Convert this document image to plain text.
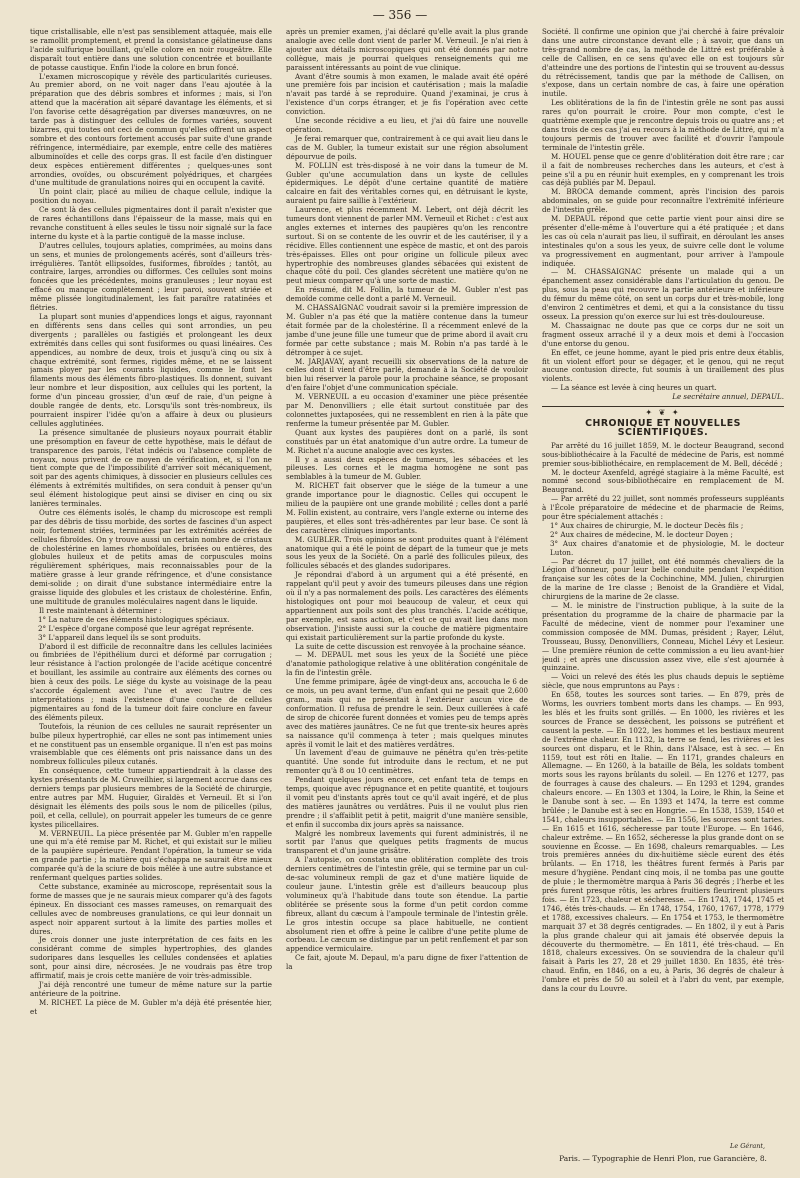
— 356 —

tique cristallisable, elle n'est pas sensiblement attaquée, mais elle se ramollit promptement, et prend la consistance gélatineuse dans l'acide sulfurique bouillant, qu'elle colore en noir rougeâtre. Elle disparaît tout entière dans une solution concentrée et bouillante de potasse caustique. Enfin l'iode la colore en brun foncé.

L'examen microscopique y révèle des particularités curieuses. Au premier abord, on ne voit nager dans l'eau ajoutée à la préparation que des débris sombres et informes ; mais, si l'on attend que la macération ait séparé davantage les éléments, et si l'on favorise cette désagrégation par diverses manœuvres, on ne tarde pas à distinguer des cellules de formes variées, souvent bizarres, qui toutes ont ceci de commun qu'elles offrent un aspect sombre et des contours fortement accusés par suite d'une grande réfringence, intermédiaire, par exemple, entre celle des matières albuminoïdes et celle des corps gras. Il est facile d'en distinguer deux espèces entièrement différentes ; quelques-unes sont arrondies, ovoïdes, ou obscurément polyédriques, et chargées d'une multitude de granulations noires qui en occupent la cavité.

Un point clair, placé au milieu de chaque cellule, indique la position du noyau.

Ce sont là des cellules pigmentaires dont il paraît n'exister que de rares échantillons dans l'épaisseur de la masse, mais qui en revanche constituent à elles seules le tissu noir signalé sur la face interne du kyste et à la partie contiguë de la masse incluse.

D'autres cellules, toujours aplaties, comprimées, au moins dans un sens, et munies de prolongements acérés, sont d'ailleurs très-irrégulières. Tantôt ellipsoïdes, fusiformes, fibroïdes ; tantôt, au contraire, larges, arrondies ou difformes. Ces cellules sont moins foncées que les précédentes, moins granuleuses ; leur noyau est effacé ou manque complètement ; leur paroi, souvent striée et même plissée longitudinalement, les fait paraître ratatinées et flétries.

La plupart sont munies d'appendices longs et aigus, rayonnant en différents sens dans celles qui sont arrondies, un peu divergents ; parallèles ou fastigiés et prolongeant les deux extrémités dans celles qui sont fusiformes ou quasi linéaires. Ces appendices, au nombre de deux, trois et jusqu'à cinq ou six à chaque extrémité, sont fermes, rigides même, et ne se laissent jamais ployer par les courants liquides, comme le font les filaments mous des éléments fibro-plastiques. Ils donnent, suivant leur nombre et leur disposition, aux cellules qui les portent, la forme d'un pinceau grossier, d'un œuf de raie, d'un peigne à double rangée de dents, etc. Lorsqu'ils sont très-nombreux, ils pourraient inspirer l'idée qu'on a affaire à deux ou plusieurs cellules agglutinées.

La présence simultanée de plusieurs noyaux pourrait établir une présomption en faveur de cette hypothèse, mais le défaut de transparence des parois, l'état indécis ou l'absence complète de noyaux, nous privent de ce moyen de vérification, et, si l'on ne tient compte que de l'impossibilité d'arriver soit mécaniquement, soit par des agents chimiques, à dissocier en plusieurs cellules ces éléments à extrémités multifides, on sera conduit à penser qu'un seul élément histologique peut ainsi se diviser en cinq ou six lanières terminales.

Outre ces éléments isolés, le champ du microscope est rempli par des débris de tissu morbide, des sortes de fascines d'un aspect noir, fortement striées, terminées par les extrémités acérées de cellules fibroïdes. On y trouve aussi un certain nombre de cristaux de cholestérine en lames rhomboïdales, brisées ou entières, des globules huileux et de petits amas de corpuscules moins régulièrement sphériques, mais reconnaissables pour de la matière grasse à leur grande réfringence, et d'une consistance demi-solide ; on dirait d'une substance intermédiaire entre la graisse liquide des globules et les cristaux de cholestérine. Enfin, une multitude de granules moléculaires nagent dans le liquide.

Il reste maintenant à déterminer :

1° La nature de ces éléments histologiques spéciaux.

2° L'espèce d'organe composé que leur agrégat représente.

3° L'appareil dans lequel ils se sont produits.

D'abord il est difficile de reconnaître dans les cellules laciniées ou fimbriées de l'épithélium durci et déformé par corrugation ; leur résistance à l'action prolongée de l'acide acétique concentré et bouillant, les assimile au contraire aux éléments des cornes ou bien à ceux des poils. Le siége du kyste au voisinage de la peau s'accorde également avec l'une et avec l'autre de ces interprétations ; mais l'existence d'une couche de cellules pigmentaires au fond de la tumeur doit faire conclure en faveur des éléments pileux.

Toutefois, la réunion de ces cellules ne saurait représenter un bulbe pileux hypertrophié, car elles ne sont pas intimement unies et ne constituent pas un ensemble organique. Il n'en est pas moins vraisemblable que ces éléments ont pris naissance dans un des nombreux follicules pileux cutanés.

En conséquence, cette tumeur appartiendrait à la classe des kystes présentants de M. Cruveilhier, si largement accrue dans ces derniers temps par plusieurs membres de la Société de chirurgie, entre autres par MM. Huguier, Giraldès et Verneuil. Et si l'on désignait les éléments des poils sous le nom de pilicelles (pilus, poil, et cella, cellule), on pourrait appeler les tumeurs de ce genre kystes pilicellaires.

M. VERNEUIL. La pièce présentée par M. Gubler m'en rappelle une qui m'a été remise par M. Richet, et qui existait sur le milieu de la paupière supérieure. Pendant l'opération, la tumeur se vida en grande partie ; la matière qui s'échappa ne saurait être mieux comparée qu'à de la sciure de bois mêlée à une autre substance et renfermant quelques parties solides.

Cette substance, examinée au microscope, représentait sous la forme de masses que je ne saurais mieux comparer qu'à des fagots épineux. En dissociant ces masses rameuses, on remarquait des cellules avec de nombreuses granulations, ce qui leur donnait un aspect noir apparent surtout à la limite des parties molles et dures.

Je crois donner une juste interprétation de ces faits en les considérant comme de simples hypertrophies, des glandes sudoripares dans lesquelles les cellules condensées et aplaties sont, pour ainsi dire, nécrosées. Je ne voudrais pas être trop affirmatif, mais je crois cette manière de voir très-admissible.

J'ai déjà rencontré une tumeur de même nature sur la partie antérieure de la poitrine.

M. RICHET. La pièce de M. Gubler m'a déjà été présentée hier, et

après un premier examen, j'ai déclaré qu'elle avait la plus grande analogie avec celle dont vient de parler M. Verneuil. Je n'ai rien à ajouter aux détails microscopiques qui ont été donnés par notre collègue, mais je pourrai quelques renseignements qui me paraissent intéressants au point de vue clinique.

Avant d'être soumis à mon examen, le malade avait été opéré une première fois par incision et cautérisation ; mais la maladie n'avait pas tardé à se reproduire. Quand j'examinai, je crus à l'existence d'un corps étranger, et je fis l'opération avec cette conviction.

Une seconde récidive a eu lieu, et j'ai dû faire une nouvelle opération.

Je ferai remarquer que, contrairement à ce qui avait lieu dans le cas de M. Gubler, la tumeur existait sur une région absolument dépourvue de poils.

M. FOLLIN est très-disposé à ne voir dans la tumeur de M. Gubler qu'une accumulation dans un kyste de cellules épidermiques. Le dépôt d'une certaine quantité de matière calcaire en fait des véritables cornes qui, en détruisant le kyste, auraient pu faire saillie à l'extérieur.

Laurence, et plus récemment M. Lebert, ont déjà décrit les tumeurs dont viennent de parler MM. Verneuil et Richet : c'est aux angles externes et internes des paupières qu'on les rencontre surtout. Si on se contente de les ouvrir et de les cautériser, il y a récidive. Elles contiennent une espèce de mastic, et ont des parois très-épaisses. Elles ont pour origine un follicule pileux avec hypertrophie des nombreuses glandes sébacées qui existent de chaque côté du poil. Ces glandes sécrètent une matière qu'on ne peut mieux comparer qu'à une sorte de mastic.

En résumé, dit M. Follin, la tumeur de M. Gubler n'est pas demoïde comme celle dont a parlé M. Verneuil.

M. CHASSAIGNAC voudrait savoir si la première impression de M. Gubler n'a pas été que la matière contenue dans la tumeur était formée par de la cholestérine. Il a récemment enlevé de la jambe d'une jeune fille une tumeur que de prime abord il avait cru formée par cette substance ; mais M. Robin n'a pas tardé à le détromper à ce sujet.

M. JARJAVAY, ayant recueilli six observations de la nature de celles dont il vient d'être parlé, demande à la Société de vouloir bien lui réserver la parole pour la prochaine séance, se proposant d'en faire l'objet d'une communication spéciale.

M. VERNEUIL a eu occasion d'examiner une pièce présentée par M. Denonvilliers ; elle était surtout constituée par des colonnettes juxtaposées, qui ne ressemblent en rien à la pâte que renferme la tumeur présentée par M. Gubler.

Quant aux kystes des paupières dont on a parlé, ils sont constitués par un état anatomique d'un autre ordre. La tumeur de M. Richet n'a aucune analogie avec ces kystes.

Il y a aussi deux espèces de tumeurs, les sébacées et les pileuses. Les cornes et le magma homogène ne sont pas semblables à la tumeur de M. Gubler.

M. RICHET fait observer que le siége de la tumeur a une grande importance pour le diagnostic. Celles qui occupent le milieu de la paupière ont une grande mobilité ; celles dont a parlé M. Follin existent, au contraire, vers l'angle externe ou interne des paupières, et elles sont très-adhérentes par leur base. Ce sont là des caractères cliniques importants.

M. GUBLER. Trois opinions se sont produites quant à l'élément anatomique qui a été le point de départ de la tumeur que je mets sous les yeux de la Société. On a parlé des follicules pileux, des follicules sébacés et des glandes sudoripares.

Je répondrai d'abord à un argument qui a été présenté, en rappelant qu'il peut y avoir des tumeurs pileuses dans une région où il n'y a pas normalement des poils. Les caractères des éléments histologiques ont pour moi beaucoup de valeur, et ceux qui appartiennent aux poils sont des plus tranchés. L'acide acétique, par exemple, est sans action, et c'est ce qui avait lieu dans mon observation. J'insiste aussi sur la couche de matière pigmentaire qui existait particulièrement sur la partie profonde du kyste.

La suite de cette discussion est renvoyée à la prochaine séance.

— M. DEPAUL met sous les yeux de la Société une pièce d'anatomie pathologique relative à une oblitération congénitale de la fin de l'intestin grêle.

Une femme primipare, âgée de vingt-deux ans, accoucha le 6 de ce mois, un peu avant terme, d'un enfant qui ne pesait que 2,600 gram., mais qui ne présentait à l'extérieur aucun vice de conformation. Il refusa de prendre le sein. Deux cuillerées à café de sirop de chicorée furent données et vomies peu de temps après avec des matières jaunâtres. Ce ne fut que trente-six heures après sa naissance qu'il commença à teter ; mais quelques minutes après il vomit le lait et des matières verdâtres.

Un lavement d'eau de guimauve ne pénétra qu'en très-petite quantité. Une sonde fut introduite dans le rectum, et ne put remonter qu'à 8 ou 10 centimètres.

Pendant quelques jours encore, cet enfant teta de temps en temps, quoique avec répugnance et en petite quantité, et toujours il vomit peu d'instants après tout ce qu'il avait ingéré, et de plus des matières jaunâtres ou verdâtres. Puis il ne voulut plus rien prendre ; il s'affaiblit petit à petit, maigrit d'une manière sensible, et enfin il succomba dix jours après sa naissance.

Malgré les nombreux lavements qui furent administrés, il ne sortit par l'anus que quelques petits fragments de mucus transparent et d'un jaune grisâtre.

A l'autopsie, on constata une oblitération complète des trois derniers centimètres de l'intestin grêle, qui se termine par un cul-de-sac volumineux rempli de gaz et d'une matière liquide de couleur jaune. L'intestin grêle est d'ailleurs beaucoup plus volumineux qu'à l'habitude dans toute son étendue. La partie oblitérée se présente sous la forme d'un petit cordon comme fibreux, allant du cæcum à l'ampoule terminale de l'intestin grêle. Le gros intestin occupe sa place habituelle, ne contient absolument rien et offre à peine le calibre d'une petite plume de corbeau. Le cæcum se distingue par un petit renflement et par son appendice vermiculaire.

Ce fait, ajoute M. Depaul, m'a paru digne de fixer l'attention de la

Société. Il confirme une opinion que j'ai cherché à faire prévaloir dans une autre circonstance devant elle ; à savoir, que dans un très-grand nombre de cas, la méthode de Littré est préférable à celle de Callisen, en ce sens qu'avec elle on est toujours sûr d'atteindre une des portions de l'intestin qui se trouvent au-dessus du rétrécissement, tandis que par la méthode de Callisen, on s'expose, dans un certain nombre de cas, à faire une opération inutile.

Les oblitérations de la fin de l'intestin grêle ne sont pas aussi rares qu'on pourrait le croire. Pour mon compte, c'est le quatrième exemple que je rencontre depuis trois ou quatre ans ; et dans trois de ces cas j'ai eu recours à la méthode de Littré, qui m'a toujours permis de trouver avec facilité et d'ouvrir l'ampoule terminale de l'intestin grêle.

M. HOUEL pense que ce genre d'oblitération doit être rare ; car il a fait de nombreuses recherches dans les auteurs, et c'est à peine s'il a pu en réunir huit exemples, en y comprenant les trois cas déjà publiés par M. Depaul.

M. BROCA demande comment, après l'incision des parois abdominales, on se guide pour reconnaître l'extrémité inférieure de l'intestin grêle.

M. DEPAUL répond que cette partie vient pour ainsi dire se présenter d'elle-même à l'ouverture qui a été pratiquée ; et dans les cas où cela n'aurait pas lieu, il suffirait, en déroulant les anses intestinales qu'on a sous les yeux, de suivre celle dont le volume va progressivement en augmentant, pour arriver à l'ampoule indiquée.

— M. CHASSAIGNAC présente un malade qui a un épanchement assez considérable dans l'articulation du genou. De plus, sous la peau qui recouvre la partie antérieure et inférieure du fémur du même côté, on sent un corps dur et très-mobile, long d'environ 2 centimètres et demi, et qui a la consistance du tissu osseux. La pression qu'on exerce sur lui est très-douloureuse.

M. Chassaignac ne doute pas que ce corps dur ne soit un fragment osseux arraché il y a deux mois et demi à l'occasion d'une entorse du genou.

En effet, ce jeune homme, ayant le pied pris entre deux établis, fit un violent effort pour se dégager, et le genou, qui ne reçut aucune contusion directe, fut soumis à un tiraillement des plus violents.

— La séance est levée à cinq heures un quart.

Le secrétaire annuel, DEPAUL.

✦ ❦ ✦
CHRONIQUE ET NOUVELLES SCIENTIFIQUES.

Par arrêté du 16 juillet 1859, M. le docteur Beaugrand, second sous-bibliothécaire à la Faculté de médecine de Paris, est nommé premier sous-bibliothécaire, en remplacement de M. Bell, décédé ;

M. le docteur Axenfeld, agrégé stagiaire à la même Faculté, est nommé second sous-bibliothécaire en remplacement de M. Beaugrand.

— Par arrêté du 22 juillet, sont nommés professeurs suppléants à l'École préparatoire de médecine et de pharmacie de Reims, pour être spécialement attachés :

1° Aux chaires de chirurgie, M. le docteur Decès fils ;

2° Aux chaires de médecine, M. le docteur Doyen ;

3° Aux chaires d'anatomie et de physiologie, M. le docteur Luton.

— Par décret du 17 juillet, ont été nommés chevaliers de la Légion d'honneur, pour leur belle conduite pendant l'expédition française sur les côtes de la Cochinchine, MM. Julien, chirurgien de la marine de 1re classe ; Benoist de la Grandière et Vidal, chirurgiens de la marine de 2e classe.

— M. le ministre de l'instruction publique, à la suite de la présentation du programme de la chaire de pharmacie par la Faculté de médecine, vient de nommer pour l'examiner une commission composée de MM. Dumas, président ; Rayer, Lélut, Trousseau, Bussy, Denonvilliers, Conneau, Michel Lévy et Lesieur. — Une première réunion de cette commission a eu lieu avant-hier jeudi ; et après une discussion assez vive, elle s'est ajournée à quinzaine.

— Voici un relevé des étés les plus chauds depuis le septième siècle, que nous empruntons au Pays :

En 658, toutes les sources sont taries. — En 879, près de Worms, les ouvriers tombent morts dans les champs. — En 993, les blés et les fruits sont grillés. — En 1000, les rivières et les sources de France se dessèchent, les poissons se putréfient et causent la peste. — En 1022, les hommes et les bestiaux meurent de l'extrême chaleur. En 1132, la terre se fend, les rivières et les sources ont disparu, et le Rhin, dans l'Alsace, est à sec. — En 1159, tout est rôti en Italie. — En 1171, grandes chaleurs en Allemagne. — En 1260, à la bataille de Béla, les soldats tombent morts sous les rayons brûlants du soleil. — En 1276 et 1277, pas de fourrages à cause des chaleurs. — En 1293 et 1294, grandes chaleurs encore. — En 1303 et 1304, la Loire, le Rhin, la Seine et le Danube sont à sec. — En 1393 et 1474, la terre est comme brûlée ; le Danube est à sec en Hongrie. — En 1538, 1539, 1540 et 1541, chaleurs insupportables. — En 1556, les sources sont taries. — En 1615 et 1616, sécheresse par toute l'Europe. — En 1646, chaleur extrême. — En 1652, sécheresse la plus grande dont on se souvienne en Écosse. — En 1698, chaleurs remarquables. — Les trois premières années du dix-huitième siècle eurent des étés brûlants. — En 1718, les théâtres furent fermés à Paris par mesure d'hygiène. Pendant cinq mois, il ne tomba pas une goutte de pluie ; le thermomètre marqua à Paris 36 degrés ; l'herbe et les prés furent presque rôtis, les arbres fruitiers fleurirent plusieurs fois. — En 1723, chaleur et sécheresse. — En 1743, 1744, 1745 et 1746, étés très-chauds. — En 1748, 1754, 1760, 1767, 1778, 1779 et 1788, excessives chaleurs. — En 1754 et 1753, le thermomètre marquait 37 et 38 degrés centigrades. — En 1802, il y eut à Paris la plus grande chaleur qui ait jamais été observée depuis la découverte du thermomètre. — En 1811, été très-chaud. — En 1818, chaleurs excessives. On se souviendra de la chaleur qu'il faisait à Paris les 27, 28 et 29 juillet 1830. En 1835, été très-chaud. Enfin, en 1846, on a eu, à Paris, 36 degrés de chaleur à l'ombre et près de 50 au soleil et à l'abri du vent, par exemple, dans la cour du Louvre.

Le Gérant,
Paris. — Typographie de Henri Plon, rue Garancière, 8.
